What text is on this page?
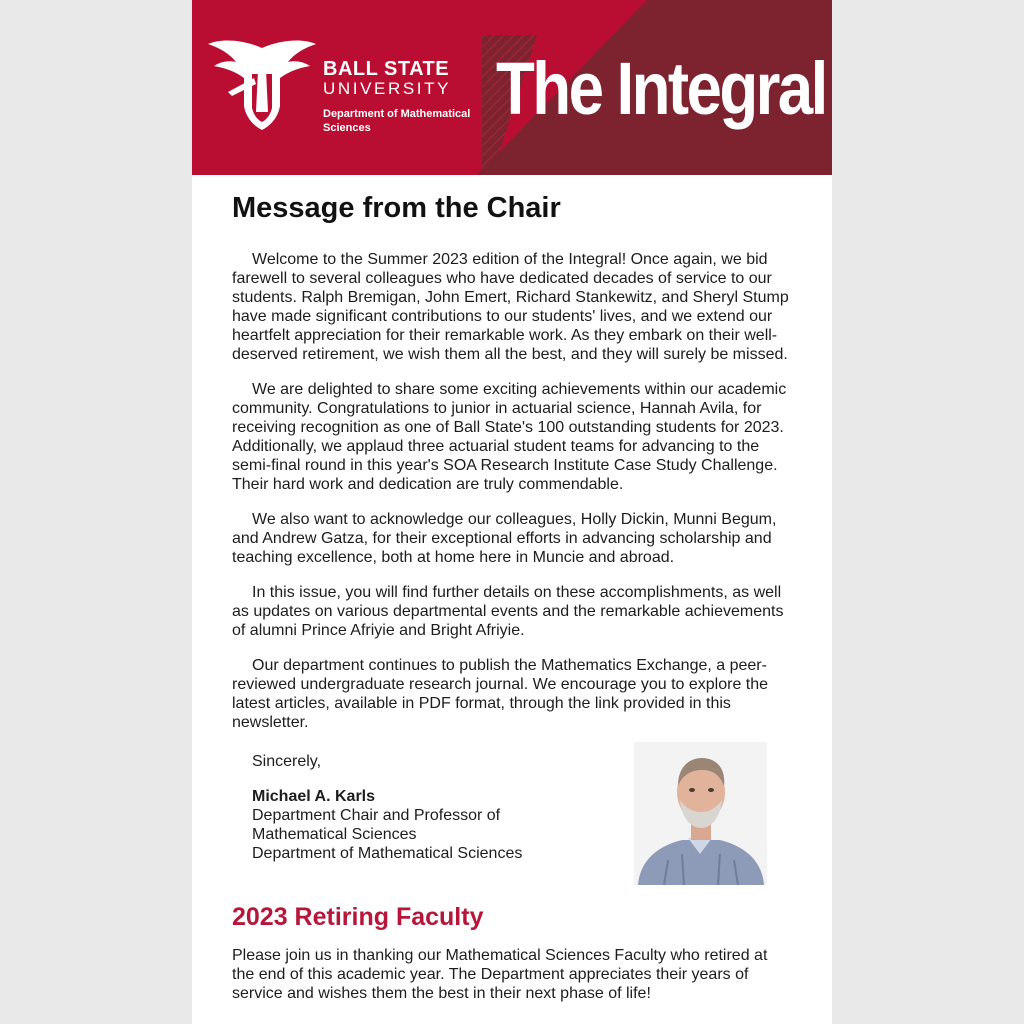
BALL STATE
UNIVERSITY
Department of Mathematical Sciences	The Integral
Message from the Chair

Welcome to the Summer 2023 edition of the Integral! Once again, we bid farewell to several colleagues who have dedicated decades of service to our students. Ralph Bremigan, John Emert, Richard Stankewitz, and Sheryl Stump have made significant contributions to our students' lives, and we extend our heartfelt appreciation for their remarkable work. As they embark on their well-deserved retirement, we wish them all the best, and they will surely be missed.

We are delighted to share some exciting achievements within our academic community. Congratulations to junior in actuarial science, Hannah Avila, for receiving recognition as one of Ball State's 100 outstanding students for 2023. Additionally, we applaud three actuarial student teams for advancing to the semi-final round in this year's SOA Research Institute Case Study Challenge. Their hard work and dedication are truly commendable.

We also want to acknowledge our colleagues, Holly Dickin, Munni Begum, and Andrew Gatza, for their exceptional efforts in advancing scholarship and teaching excellence, both at home here in Muncie and abroad.

In this issue, you will find further details on these accomplishments, as well as updates on various departmental events and the remarkable achievements of alumni Prince Afriyie and Bright Afriyie.

Our department continues to publish the Mathematics Exchange, a peer-reviewed undergraduate research journal. We encourage you to explore the latest articles, available in PDF format, through the link provided in this newsletter.

Sincerely,
Michael A. Karls
Department Chair and Professor of
Mathematical Sciences
Department of Mathematical Sciences
2023 Retiring Faculty

Please join us in thanking our Mathematical Sciences Faculty who retired at the end of this academic year. The Department appreciates their years of service and wishes them the best in their next phase of life!
